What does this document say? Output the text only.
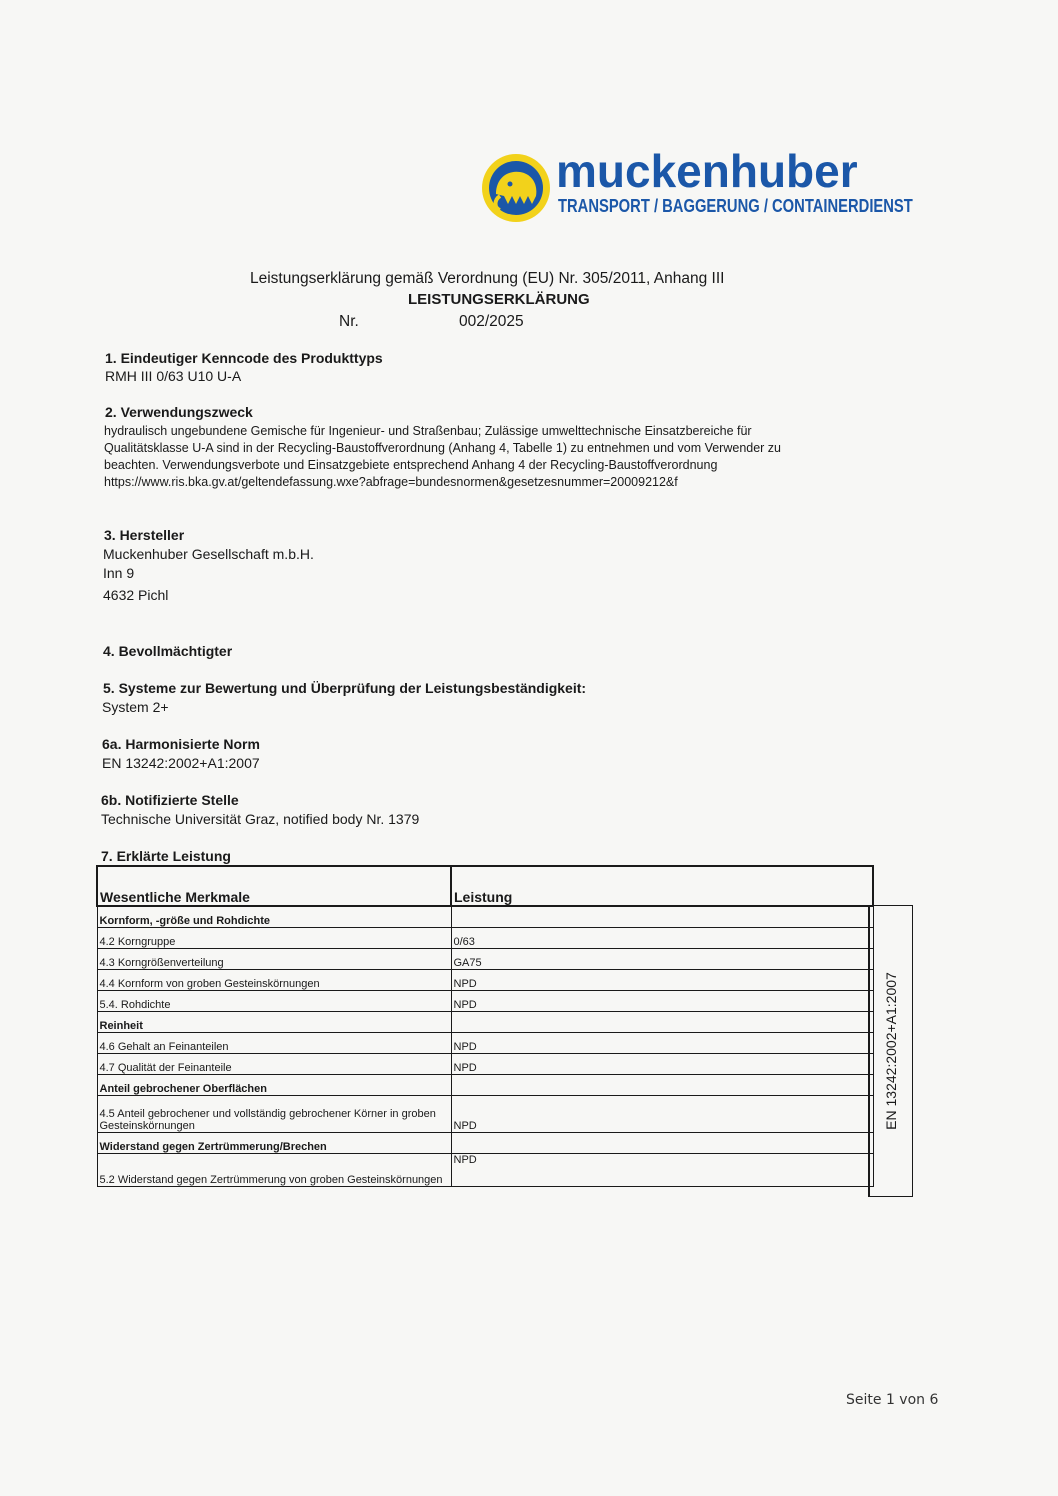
muckenhuber
TRANSPORT / BAGGERUNG / CONTAINERDIENST
Leistungserklärung gemäß Verordnung (EU) Nr. 305/2011, Anhang III
LEISTUNGSERKLÄRUNG
Nr.	002/2025
1. Eindeutiger Kenncode des Produkttyps
RMH III 0/63 U10 U-A
2. Verwendungszweck
hydraulisch ungebundene Gemische für Ingenieur- und Straßenbau; Zulässige umwelttechnische Einsatzbereiche für
Qualitätsklasse U-A sind in der Recycling-Baustoffverordnung (Anhang 4, Tabelle 1) zu entnehmen und vom Verwender zu
beachten. Verwendungsverbote und Einsatzgebiete entsprechend Anhang 4 der Recycling-Baustoffverordnung
https://www.ris.bka.gv.at/geltendefassung.wxe?abfrage=bundesnormen&gesetzesnummer=20009212&f
3. Hersteller
Muckenhuber Gesellschaft m.b.H.
Inn 9
4632 Pichl
4. Bevollmächtigter
5. Systeme zur Bewertung und Überprüfung der Leistungsbeständigkeit:
System 2+
6a. Harmonisierte Norm
EN 13242:2002+A1:2007
6b. Notifizierte Stelle
Technische Universität Graz, notified body Nr. 1379
7. Erklärte Leistung
Wesentliche Merkmale	Leistung
Kornform, -größe und Rohdichte	
4.2 Korngruppe	0/63
4.3 Korngrößenverteilung	GA75
4.4 Kornform von groben Gesteinskörnungen	NPD
5.4. Rohdichte	NPD
Reinheit	
4.6 Gehalt an Feinanteilen	NPD
4.7 Qualität der Feinanteile	NPD
Anteil gebrochener Oberflächen	
4.5 Anteil gebrochener und vollständig gebrochener Körner in groben Gesteinskörnungen	NPD
Widerstand gegen Zertrümmerung/Brechen	
5.2 Widerstand gegen Zertrümmerung von groben Gesteinskörnungen	NPD
EN 13242:2002+A1:2007
Seite 1 von 6
